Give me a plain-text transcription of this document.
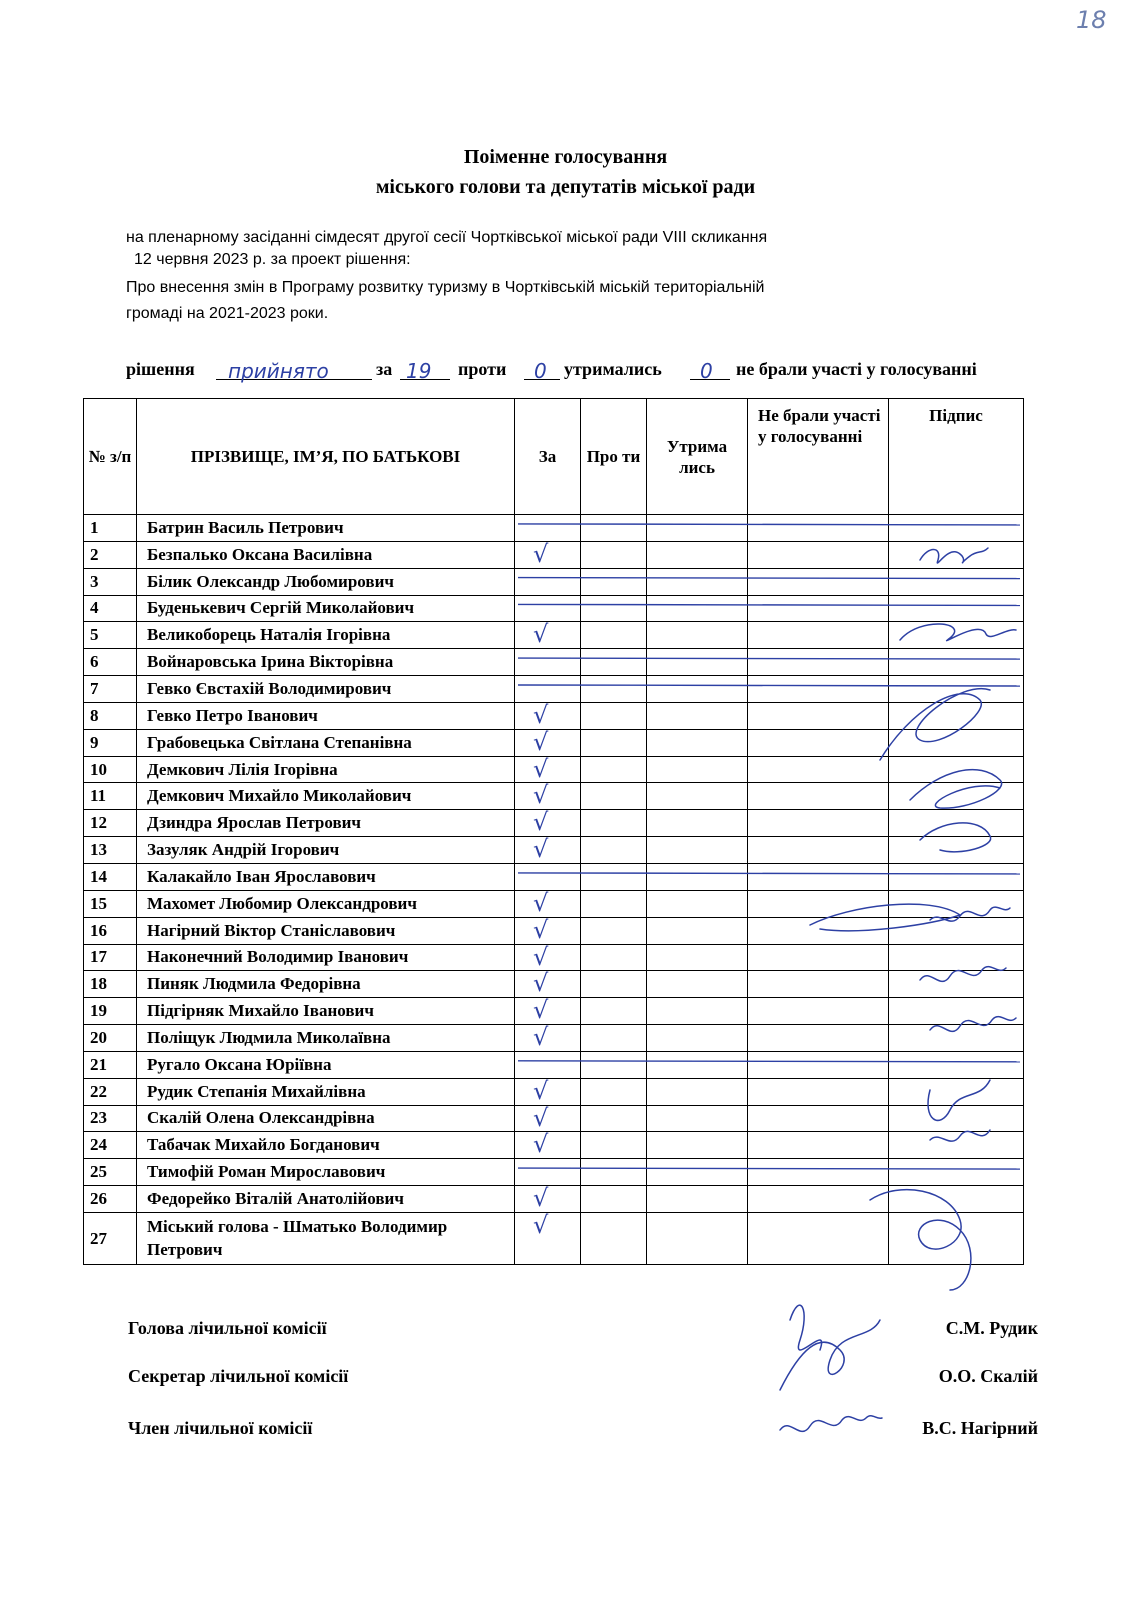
18
Поіменне голосування
міського голови та депутатів міської ради
на пленарному засіданні сімдесят другої сесії Чортківської міської ради VIII скликання
12 червня 2023 р. за проект рішення:
Про внесення змін в Програму розвитку туризму в Чортківській міській територіальній
громаді на 2021-2023 роки.
рішення прийнято	за 19 проти 0 утримались 0 не брали участі у голосуванні
№ з/п	ПРІЗВИЩЕ, ІМ’Я, ПО БАТЬКОВІ	За	Про ти	Утрима лись	Не брали участі у голосуванні	Підпис
1	Батрин Василь Петрович					
2	Безпалько Оксана Василівна	√				

3	Білик Олександр Любомирович					
4	Буденькевич Сергій Миколайович					
5	Великоборець Наталія Ігорівна	√				

6	Войнаровська Ірина Вікторівна					
7	Гевко Євстахій Володимирович					
8	Гевко Петро Іванович	√				

9	Грабовецька Світлана Степанівна	√				

10	Демкович Лілія Ігорівна	√				

11	Демкович Михайло Миколайович	√				

12	Дзиндра Ярослав Петрович	√				

13	Зазуляк Андрій Ігорович	√				

14	Калакайло Іван Ярославович					
15	Махомет Любомир Олександрович	√				

16	Нагірний Віктор Станіславович	√				

17	Наконечний Володимир Іванович	√				

18	Пиняк Людмила Федорівна	√				

19	Підгірняк Михайло Іванович	√				

20	Поліщук Людмила Миколаївна	√				

21	Ругало Оксана Юріївна					
22	Рудик Степанія Михайлівна	√				

23	Скалій Олена Олександрівна	√				

24	Табачак Михайло Богданович	√				

25	Тимофій Роман Мирославович					
26	Федорейко Віталій Анатолійович	√				

27	Міський голова - Шматько Володимир Петрович	√				

Голова лічильної комісії	С.М. Рудик
Секретар лічильної комісії	О.О. Скалій
Член лічильної комісії	В.С. Нагірний
